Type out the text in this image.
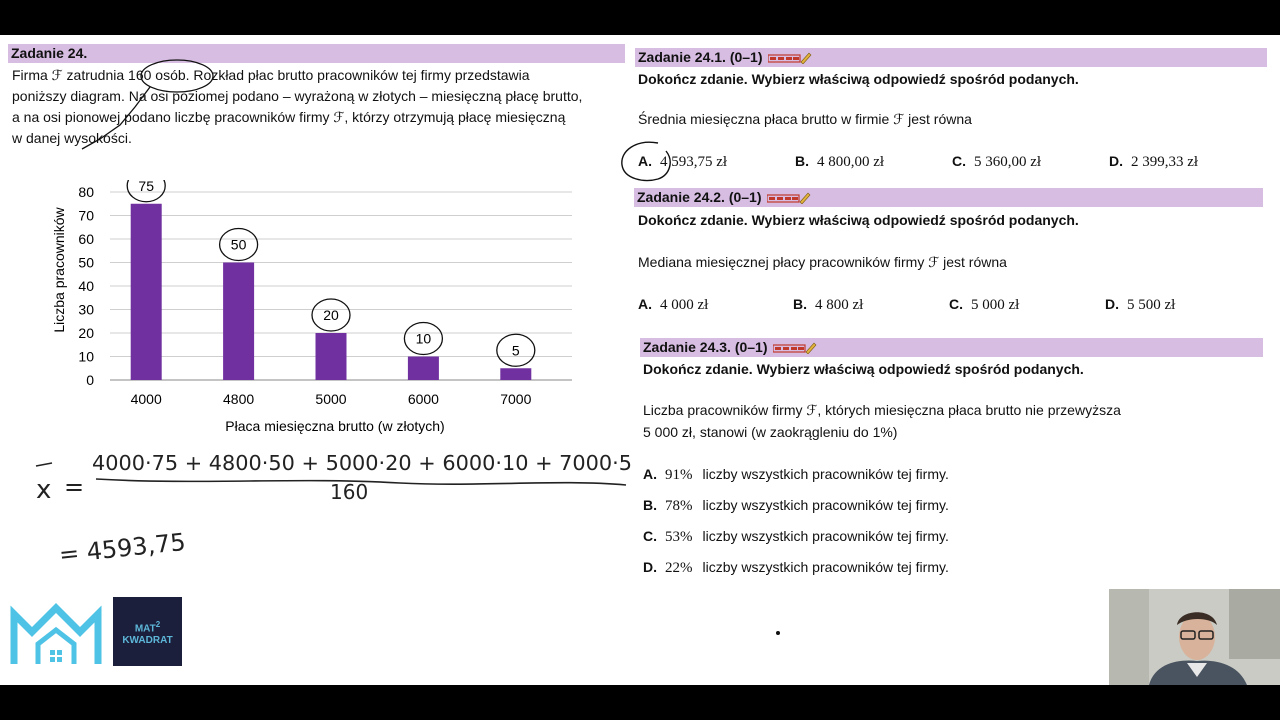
Zadanie 24.
Firma ℱ zatrudnia 160 osób. Rozkład płac brutto pracowników tej firmy przedstawia
poniższy diagram. Na osi poziomej podano – wyrażoną w złotych – miesięczną płacę brutto,
a na osi pionowej podano liczbę pracowników firmy ℱ, którzy otrzymują płacę miesięczną
w danej wysokości.
0
10
20
30
40
50
60
70
80
4000	4800	5000	6000	7000
75
50
20
10
5
Liczba pracowników
Płaca miesięczna brutto (w złotych)
x =
4000·75 + 4800·50 + 5000·20 + 6000·10 + 7000·5
160
= 4593,75
MAT$^2$
KWADRAT
Zadanie 24.1. (0–1)
Dokończ zdanie. Wybierz właściwą odpowiedź spośród podanych.
Średnia miesięczna płaca brutto w firmie ℱ jest równa
A. 4 593,75 zł	B. 4 800,00 zł	C. 5 360,00 zł	D. 2 399,33 zł
Zadanie 24.2. (0–1)
Dokończ zdanie. Wybierz właściwą odpowiedź spośród podanych.
Mediana miesięcznej płacy pracowników firmy ℱ jest równa
A. 4 000 zł	B. 4 800 zł	C. 5 000 zł	D. 5 500 zł
Zadanie 24.3. (0–1)
Dokończ zdanie. Wybierz właściwą odpowiedź spośród podanych.
Liczba pracowników firmy ℱ, których miesięczna płaca brutto nie przewyższa
5 000 zł, stanowi (w zaokrągleniu do 1%)
A. 91% liczby wszystkich pracowników tej firmy.
B. 78% liczby wszystkich pracowników tej firmy.
C. 53% liczby wszystkich pracowników tej firmy.
D. 22% liczby wszystkich pracowników tej firmy.
